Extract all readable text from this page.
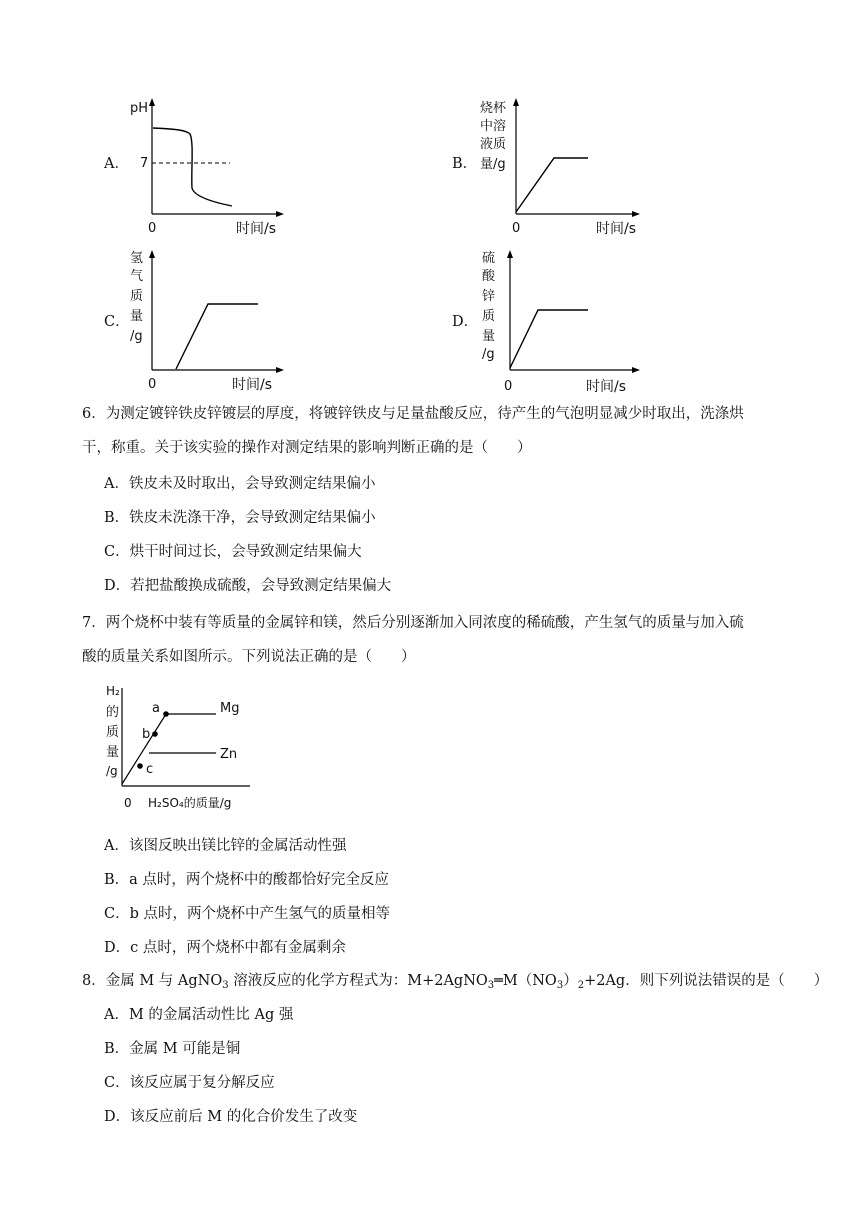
A．
pH
7
0	时间/s
B．
烧杯
中溶
液质
量/g
0	时间/s
C．
氢
气
质
量
/g
0	时间/s
D．
硫
酸
锌
质
量
/g
0	时间/s
6．为测定镀锌铁皮锌镀层的厚度，将镀锌铁皮与足量盐酸反应，待产生的气泡明显减少时取出，洗涤烘
干，称重。关于该实验的操作对测定结果的影响判断正确的是（　　）
A．铁皮未及时取出，会导致测定结果偏小
B．铁皮未洗涤干净，会导致测定结果偏小
C．烘干时间过长，会导致测定结果偏大
D．若把盐酸换成硫酸，会导致测定结果偏大
7．两个烧杯中装有等质量的金属锌和镁，然后分别逐渐加入同浓度的稀硫酸，产生氢气的质量与加入硫
酸的质量关系如图所示。下列说法正确的是（　　）
a
b
c
Mg
Zn
H₂
的
质
量
/g
0 H₂SO₄的质量/g
A．该图反映出镁比锌的金属活动性强
B．a 点时，两个烧杯中的酸都恰好完全反应
C．b 点时，两个烧杯中产生氢气的质量相等
D．c 点时，两个烧杯中都有金属剩余
8．金属 M 与 AgNO$_3$ 溶液反应的化学方程式为：$M+2AgNO_3═M(NO_3)_2+2Ag$．则下列说法错误的是（　　）
A．M 的金属活动性比 Ag 强
B．金属 M 可能是铜
C．该反应属于复分解反应
D．该反应前后 M 的化合价发生了改变
